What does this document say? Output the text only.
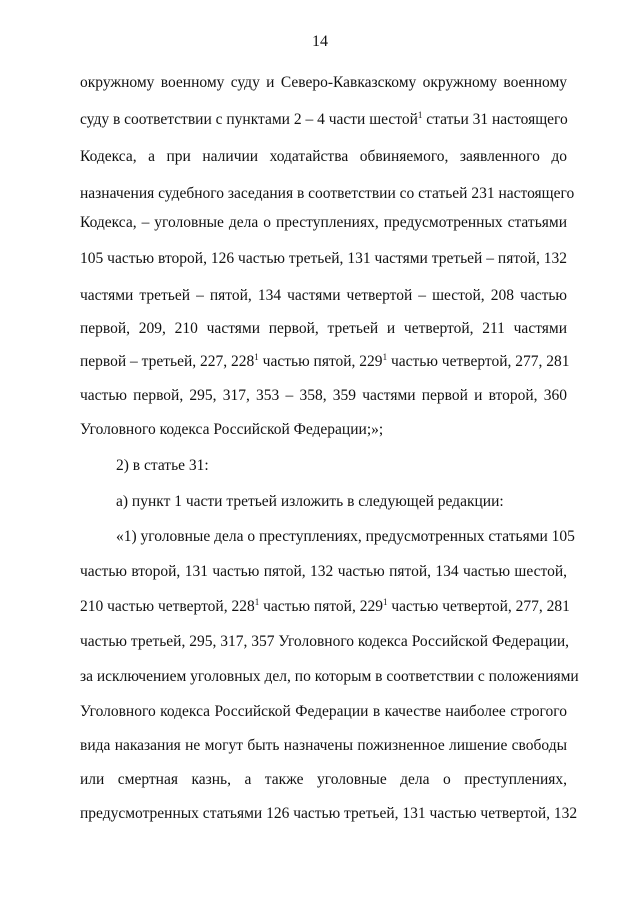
14
окружному военному суду и Северо-Кавказскому окружному военному
суду в соответствии с пунктами 2 – 4 части шестой$^1$ статьи 31 настоящего
Кодекса, а при наличии ходатайства обвиняемого, заявленного до
назначения судебного заседания в соответствии со статьей 231 настоящего
Кодекса, – уголовные дела о преступлениях, предусмотренных статьями
105 частью второй, 126 частью третьей, 131 частями третьей – пятой, 132
частями третьей – пятой, 134 частями четвертой – шестой, 208 частью
первой, 209, 210 частями первой, третьей и четвертой, 211 частями
первой – третьей, 227, $228^1$ частью пятой, $229^1$ частью четвертой, 277, 281
частью первой, 295, 317, 353 – 358, 359 частями первой и второй, 360
Уголовного кодекса Российской Федерации;»;
2) в статье 31:
а) пункт 1 части третьей изложить в следующей редакции:
«1) уголовные дела о преступлениях, предусмотренных статьями 105
частью второй, 131 частью пятой, 132 частью пятой, 134 частью шестой,
210 частью четвертой, $228^1$ частью пятой, $229^1$ частью четвертой, 277, 281
частью третьей, 295, 317, 357 Уголовного кодекса Российской Федерации,
за исключением уголовных дел, по которым в соответствии с положениями
Уголовного кодекса Российской Федерации в качестве наиболее строгого
вида наказания не могут быть назначены пожизненное лишение свободы
или смертная казнь, а также уголовные дела о преступлениях,
предусмотренных статьями 126 частью третьей, 131 частью четвертой, 132
